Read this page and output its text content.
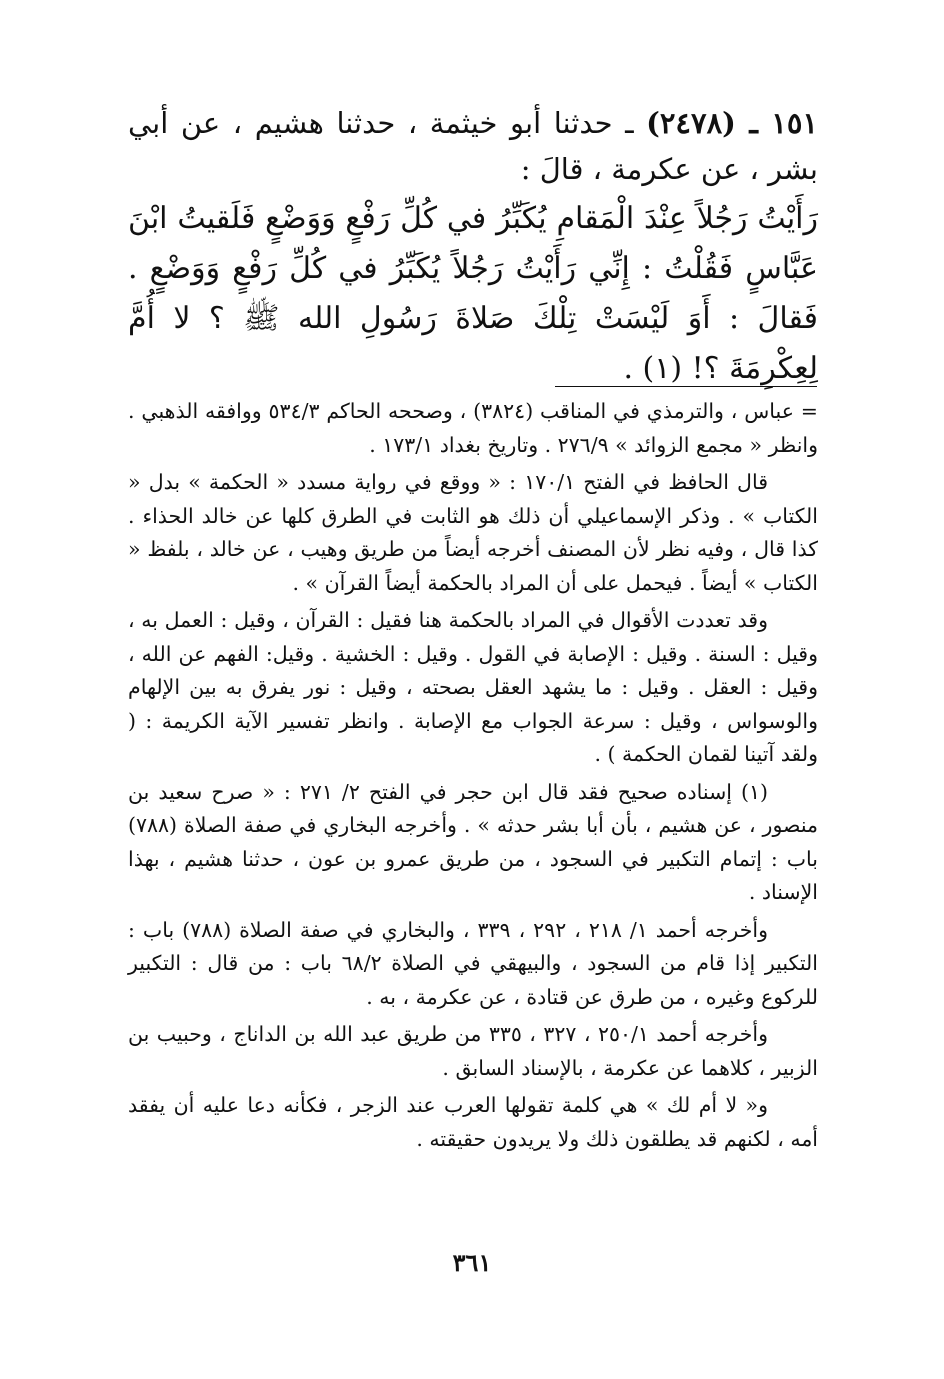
١٥١ ـ (٢٤٧٨) ـ حدثنا أبو خيثمة ، حدثنا هشيم ، عن أبي بشر ، عن عكرمة ، قالَ :

رَأَيْتُ رَجُلاً عِنْدَ الْمَقامِ يُكَبِّرُ في كُلِّ رَفْعٍ وَوَضْعٍ فَلَقيتُ ابْنَ عَبَّاسٍ فَقُلْتُ : إِنِّي رَأَيْتُ رَجُلاً يُكَبِّرُ في كُلِّ رَفْعٍ وَوَضْعٍ . فَقالَ : أَوَ لَيْسَتْ تِلْكَ صَلاةَ رَسُولِ الله ﷺ ؟ لا أُمَّ لِعِكْرِمَةَ ؟! (١) .

= عباس ، والترمذي في المناقب (٣٨٢٤) ، وصححه الحاكم ٥٣٤/٣ ووافقه الذهبي . وانظر « مجمع الزوائد » ٢٧٦/٩ . وتاريخ بغداد ١٧٣/١ .

قال الحافظ في الفتح ١٧٠/١ : « ووقع في رواية مسدد « الحكمة » بدل « الكتاب » . وذكر الإسماعيلي أن ذلك هو الثابت في الطرق كلها عن خالد الحذاء . كذا قال ، وفيه نظر لأن المصنف أخرجه أيضاً من طريق وهيب ، عن خالد ، بلفظ « الكتاب » أيضاً . فيحمل على أن المراد بالحكمة أيضاً القرآن » .

وقد تعددت الأقوال في المراد بالحكمة هنا فقيل : القرآن ، وقيل : العمل به ، وقيل : السنة . وقيل : الإصابة في القول . وقيل : الخشية . وقيل: الفهم عن الله ، وقيل : العقل . وقيل : ما يشهد العقل بصحته ، وقيل : نور يفرق به بين الإلهام والوسواس ، وقيل : سرعة الجواب مع الإصابة . وانظر تفسير الآية الكريمة : ( ولقد آتينا لقمان الحكمة ) .

(١) إسناده صحيح فقد قال ابن حجر في الفتح ٢/ ٢٧١ : « صرح سعيد بن منصور ، عن هشيم ، بأن أبا بشر حدثه » . وأخرجه البخاري في صفة الصلاة (٧٨٨) باب : إتمام التكبير في السجود ، من طريق عمرو بن عون ، حدثنا هشيم ، بهذا الإسناد .

وأخرجه أحمد ١/ ٢١٨ ، ٢٩٢ ، ٣٣٩ ، والبخاري في صفة الصلاة (٧٨٨) باب : التكبير إذا قام من السجود ، والبيهقي في الصلاة ٦٨/٢ باب : من قال : التكبير للركوع وغيره ، من طرق عن قتادة ، عن عكرمة ، به .

وأخرجه أحمد ٢٥٠/١ ، ٣٢٧ ، ٣٣٥ من طريق عبد الله بن الداناج ، وحبيب بن الزبير ، كلاهما عن عكرمة ، بالإسناد السابق .

و« لا أم لك » هي كلمة تقولها العرب عند الزجر ، فكأنه دعا عليه أن يفقد أمه ، لكنهم قد يطلقون ذلك ولا يريدون حقيقته .

٣٦١
